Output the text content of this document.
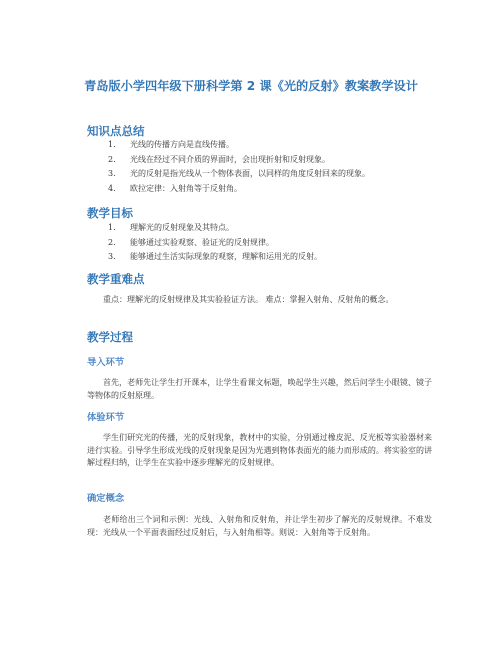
青岛版小学四年级下册科学第 2 课《光的反射》教案教学设计
知识点总结
1. 光线的传播方向是直线传播。
2. 光线在经过不同介质的界面时，会出现折射和反射现象。
3. 光的反射是指光线从一个物体表面，以同样的角度反射回来的现象。
4. 欧拉定律：入射角等于反射角。
教学目标
1. 理解光的反射现象及其特点。
2. 能够通过实验观察、验证光的反射规律。
3. 能够通过生活实际现象的观察，理解和运用光的反射。
教学重难点

重点：理解光的反射规律及其实验验证方法。 难点：掌握入射角、反射角的概念。

教学过程
导入环节

首先，老师先让学生打开课本，让学生看课文标题，唤起学生兴趣，然后问学生小眼镜、镜子等物体的反射原理。

体验环节

学生们研究光的传播，光的反射现象，教材中的实验，分别通过橡皮泥、反光板等实验器材来进行实验。引导学生形成光线的反射现象是因为光遇到物体表面光的能力而形成的。将实验室的讲解过程归纳，让学生在实验中逐步理解光的反射规律。

确定概念

老师给出三个词和示例：光线、入射角和反射角，并让学生初步了解光的反射规律。不难发现：光线从一个平面表面经过反射后，与入射角相等。则说：入射角等于反射角。
